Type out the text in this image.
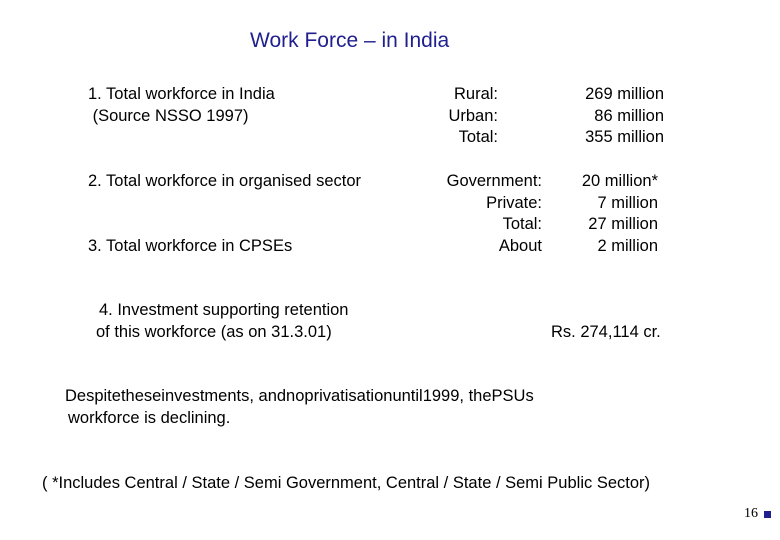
Work Force – in India
1. Total workforce in India
(Source NSSO 1997)
Rural:
Urban:
Total:
269 million
86 million
355 million
2. Total workforce in organised sector
3. Total workforce in CPSEs
Government:
Private:
Total:
About
20 million*
7 million
27 million
2 million
4. Investment supporting retention
of this workforce (as on 31.3.01)	Rs. 274,114 cr.
Despitetheseinvestments, andnoprivatisationuntil1999, thePSUs
workforce is declining.
( *Includes Central / State / Semi Government, Central / State / Semi Public Sector)
16
